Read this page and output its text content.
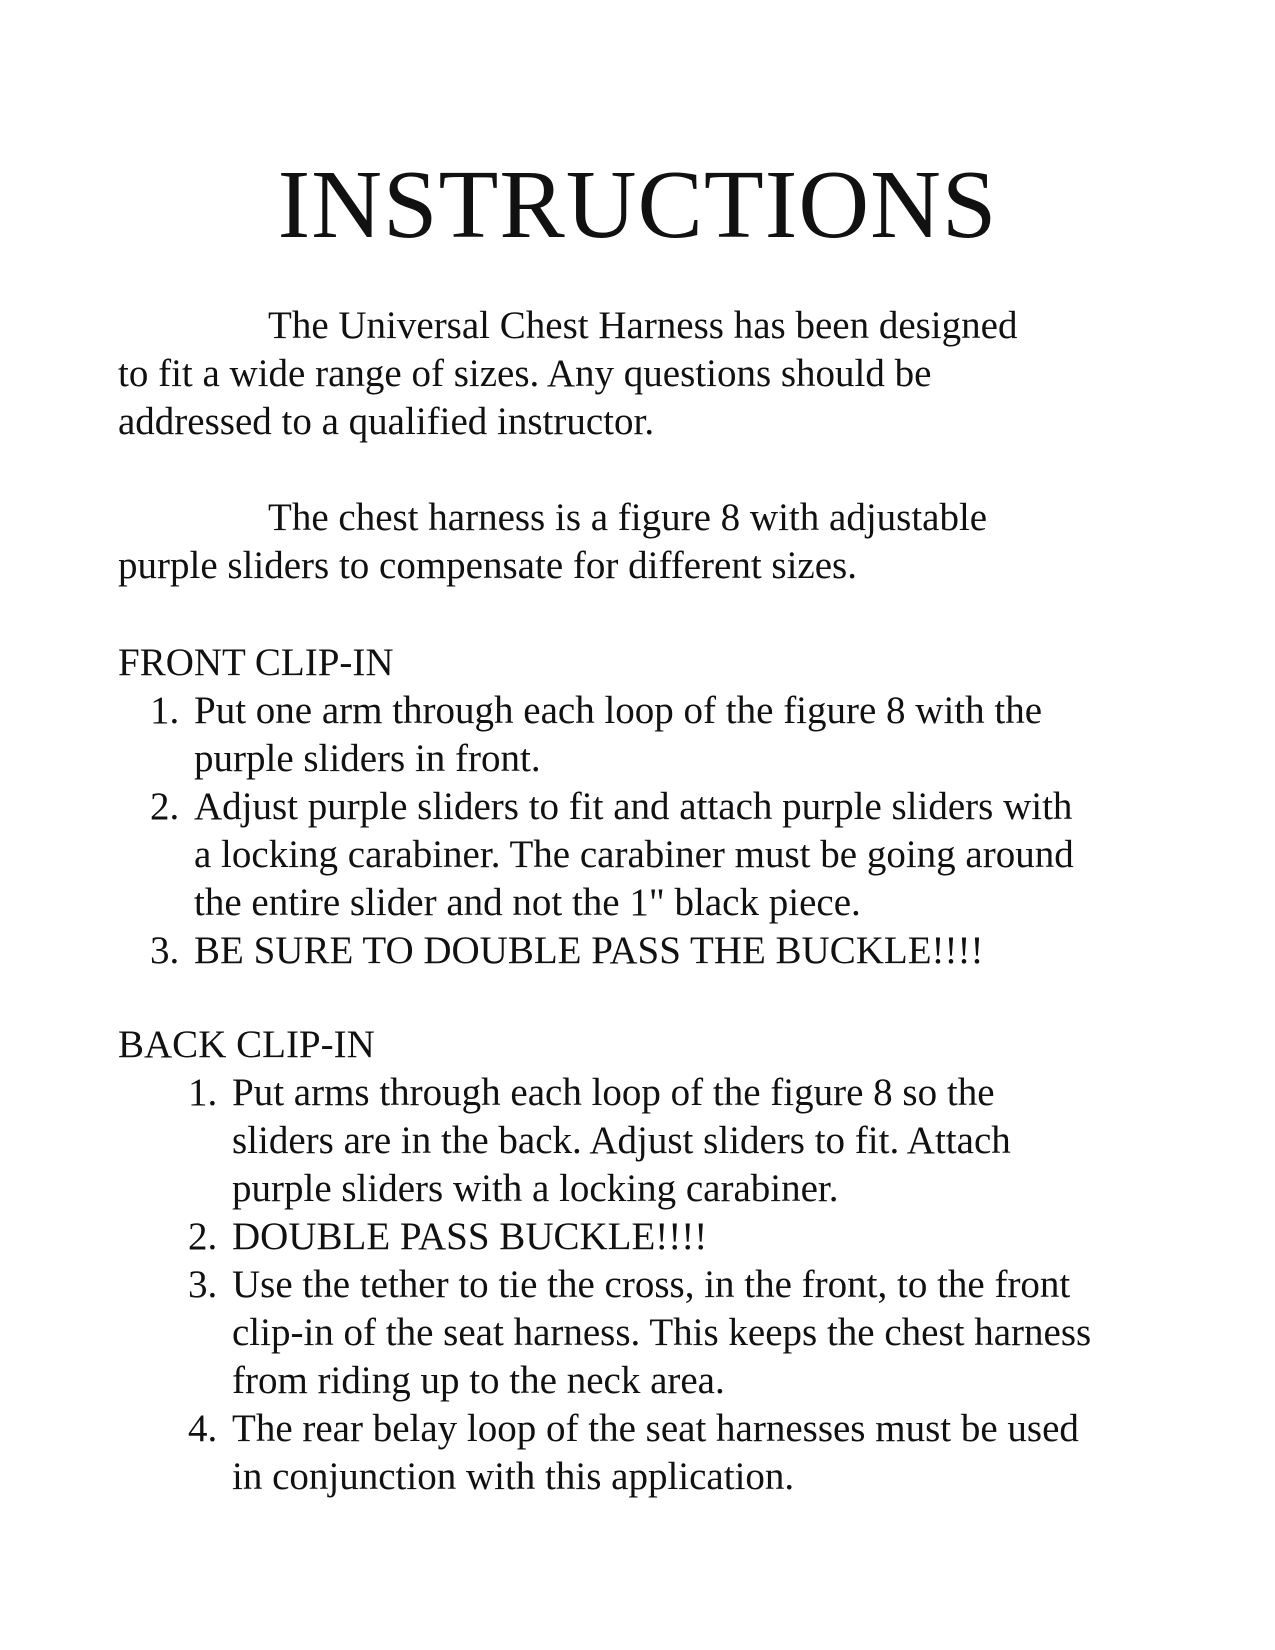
INSTRUCTIONS

The Universal Chest Harness has been designed
to fit a wide range of sizes. Any questions should be
addressed to a qualified instructor.

The chest harness is a figure 8 with adjustable
purple sliders to compensate for different sizes.

FRONT CLIP-IN
1. Put one arm through each loop of the figure 8 with the
purple sliders in front.
2. Adjust purple sliders to fit and attach purple sliders with
a locking carabiner. The carabiner must be going around
the entire slider and not the 1" black piece.
3. BE SURE TO DOUBLE PASS THE BUCKLE!!!!
BACK CLIP-IN
1. Put arms through each loop of the figure 8 so the
sliders are in the back. Adjust sliders to fit. Attach
purple sliders with a locking carabiner.
2. DOUBLE PASS BUCKLE!!!!
3. Use the tether to tie the cross, in the front, to the front
clip-in of the seat harness. This keeps the chest harness
from riding up to the neck area.
4. The rear belay loop of the seat harnesses must be used
in conjunction with this application.
